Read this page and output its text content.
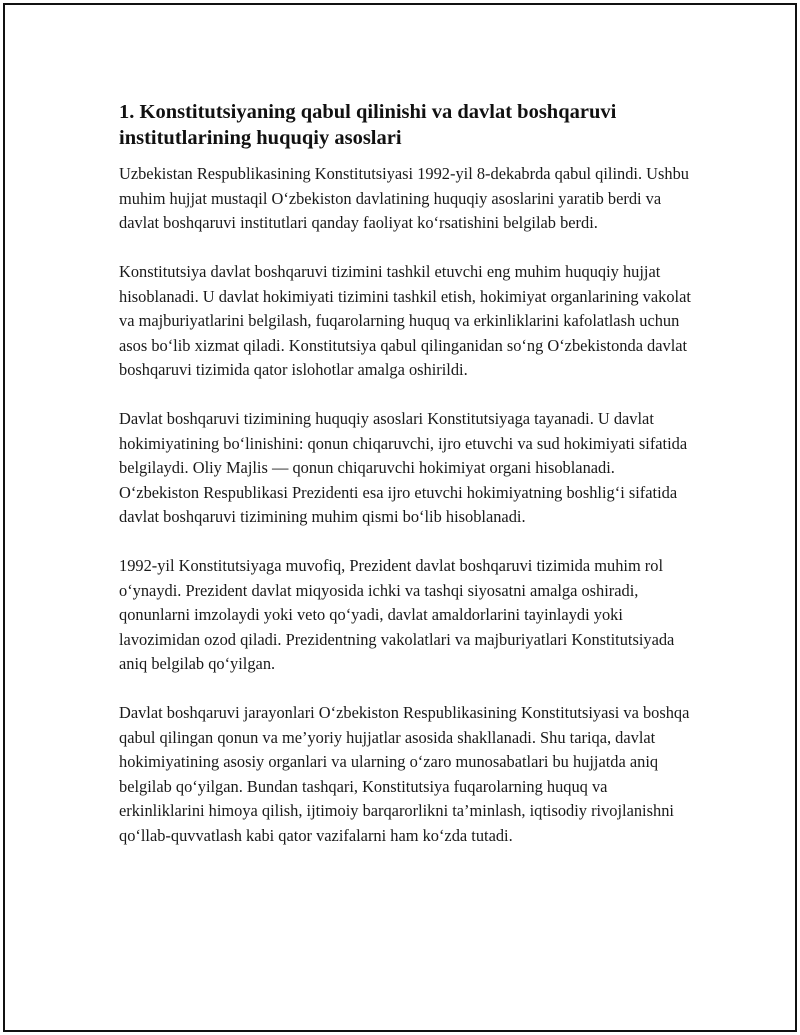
1. Konstitutsiyaning qabul qilinishi va davlat boshqaruvi institutlarining huquqiy asoslari

Uzbekistan Respublikasining Konstitutsiyasi 1992-yil 8-dekabrda qabul qilindi. Ushbu muhim hujjat mustaqil O‘zbekiston davlatining huquqiy asoslarini yaratib berdi va davlat boshqaruvi institutlari qanday faoliyat ko‘rsatishini belgilab berdi.

Konstitutsiya davlat boshqaruvi tizimini tashkil etuvchi eng muhim huquqiy hujjat hisoblanadi. U davlat hokimiyati tizimini tashkil etish, hokimiyat organlarining vakolat va majburiyatlarini belgilash, fuqarolarning huquq va erkinliklarini kafolatlash uchun asos bo‘lib xizmat qiladi. Konstitutsiya qabul qilinganidan so‘ng O‘zbekistonda davlat boshqaruvi tizimida qator islohotlar amalga oshirildi.

Davlat boshqaruvi tizimining huquqiy asoslari Konstitutsiyaga tayanadi. U davlat hokimiyatining bo‘linishini: qonun chiqaruvchi, ijro etuvchi va sud hokimiyati sifatida belgilaydi. Oliy Majlis — qonun chiqaruvchi hokimiyat organi hisoblanadi. O‘zbekiston Respublikasi Prezidenti esa ijro etuvchi hokimiyatning boshlig‘i sifatida davlat boshqaruvi tizimining muhim qismi bo‘lib hisoblanadi.

1992-yil Konstitutsiyaga muvofiq, Prezident davlat boshqaruvi tizimida muhim rol o‘ynaydi. Prezident davlat miqyosida ichki va tashqi siyosatni amalga oshiradi, qonunlarni imzolaydi yoki veto qo‘yadi, davlat amaldorlarini tayinlaydi yoki lavozimidan ozod qiladi. Prezidentning vakolatlari va majburiyatlari Konstitutsiyada aniq belgilab qo‘yilgan.

Davlat boshqaruvi jarayonlari O‘zbekiston Respublikasining Konstitutsiyasi va boshqa qabul qilingan qonun va me’yoriy hujjatlar asosida shakllanadi. Shu tariqa, davlat hokimiyatining asosiy organlari va ularning o‘zaro munosabatlari bu hujjatda aniq belgilab qo‘yilgan. Bundan tashqari, Konstitutsiya fuqarolarning huquq va erkinliklarini himoya qilish, ijtimoiy barqarorlikni ta’minlash, iqtisodiy rivojlanishni qo‘llab-quvvatlash kabi qator vazifalarni ham ko‘zda tutadi.
